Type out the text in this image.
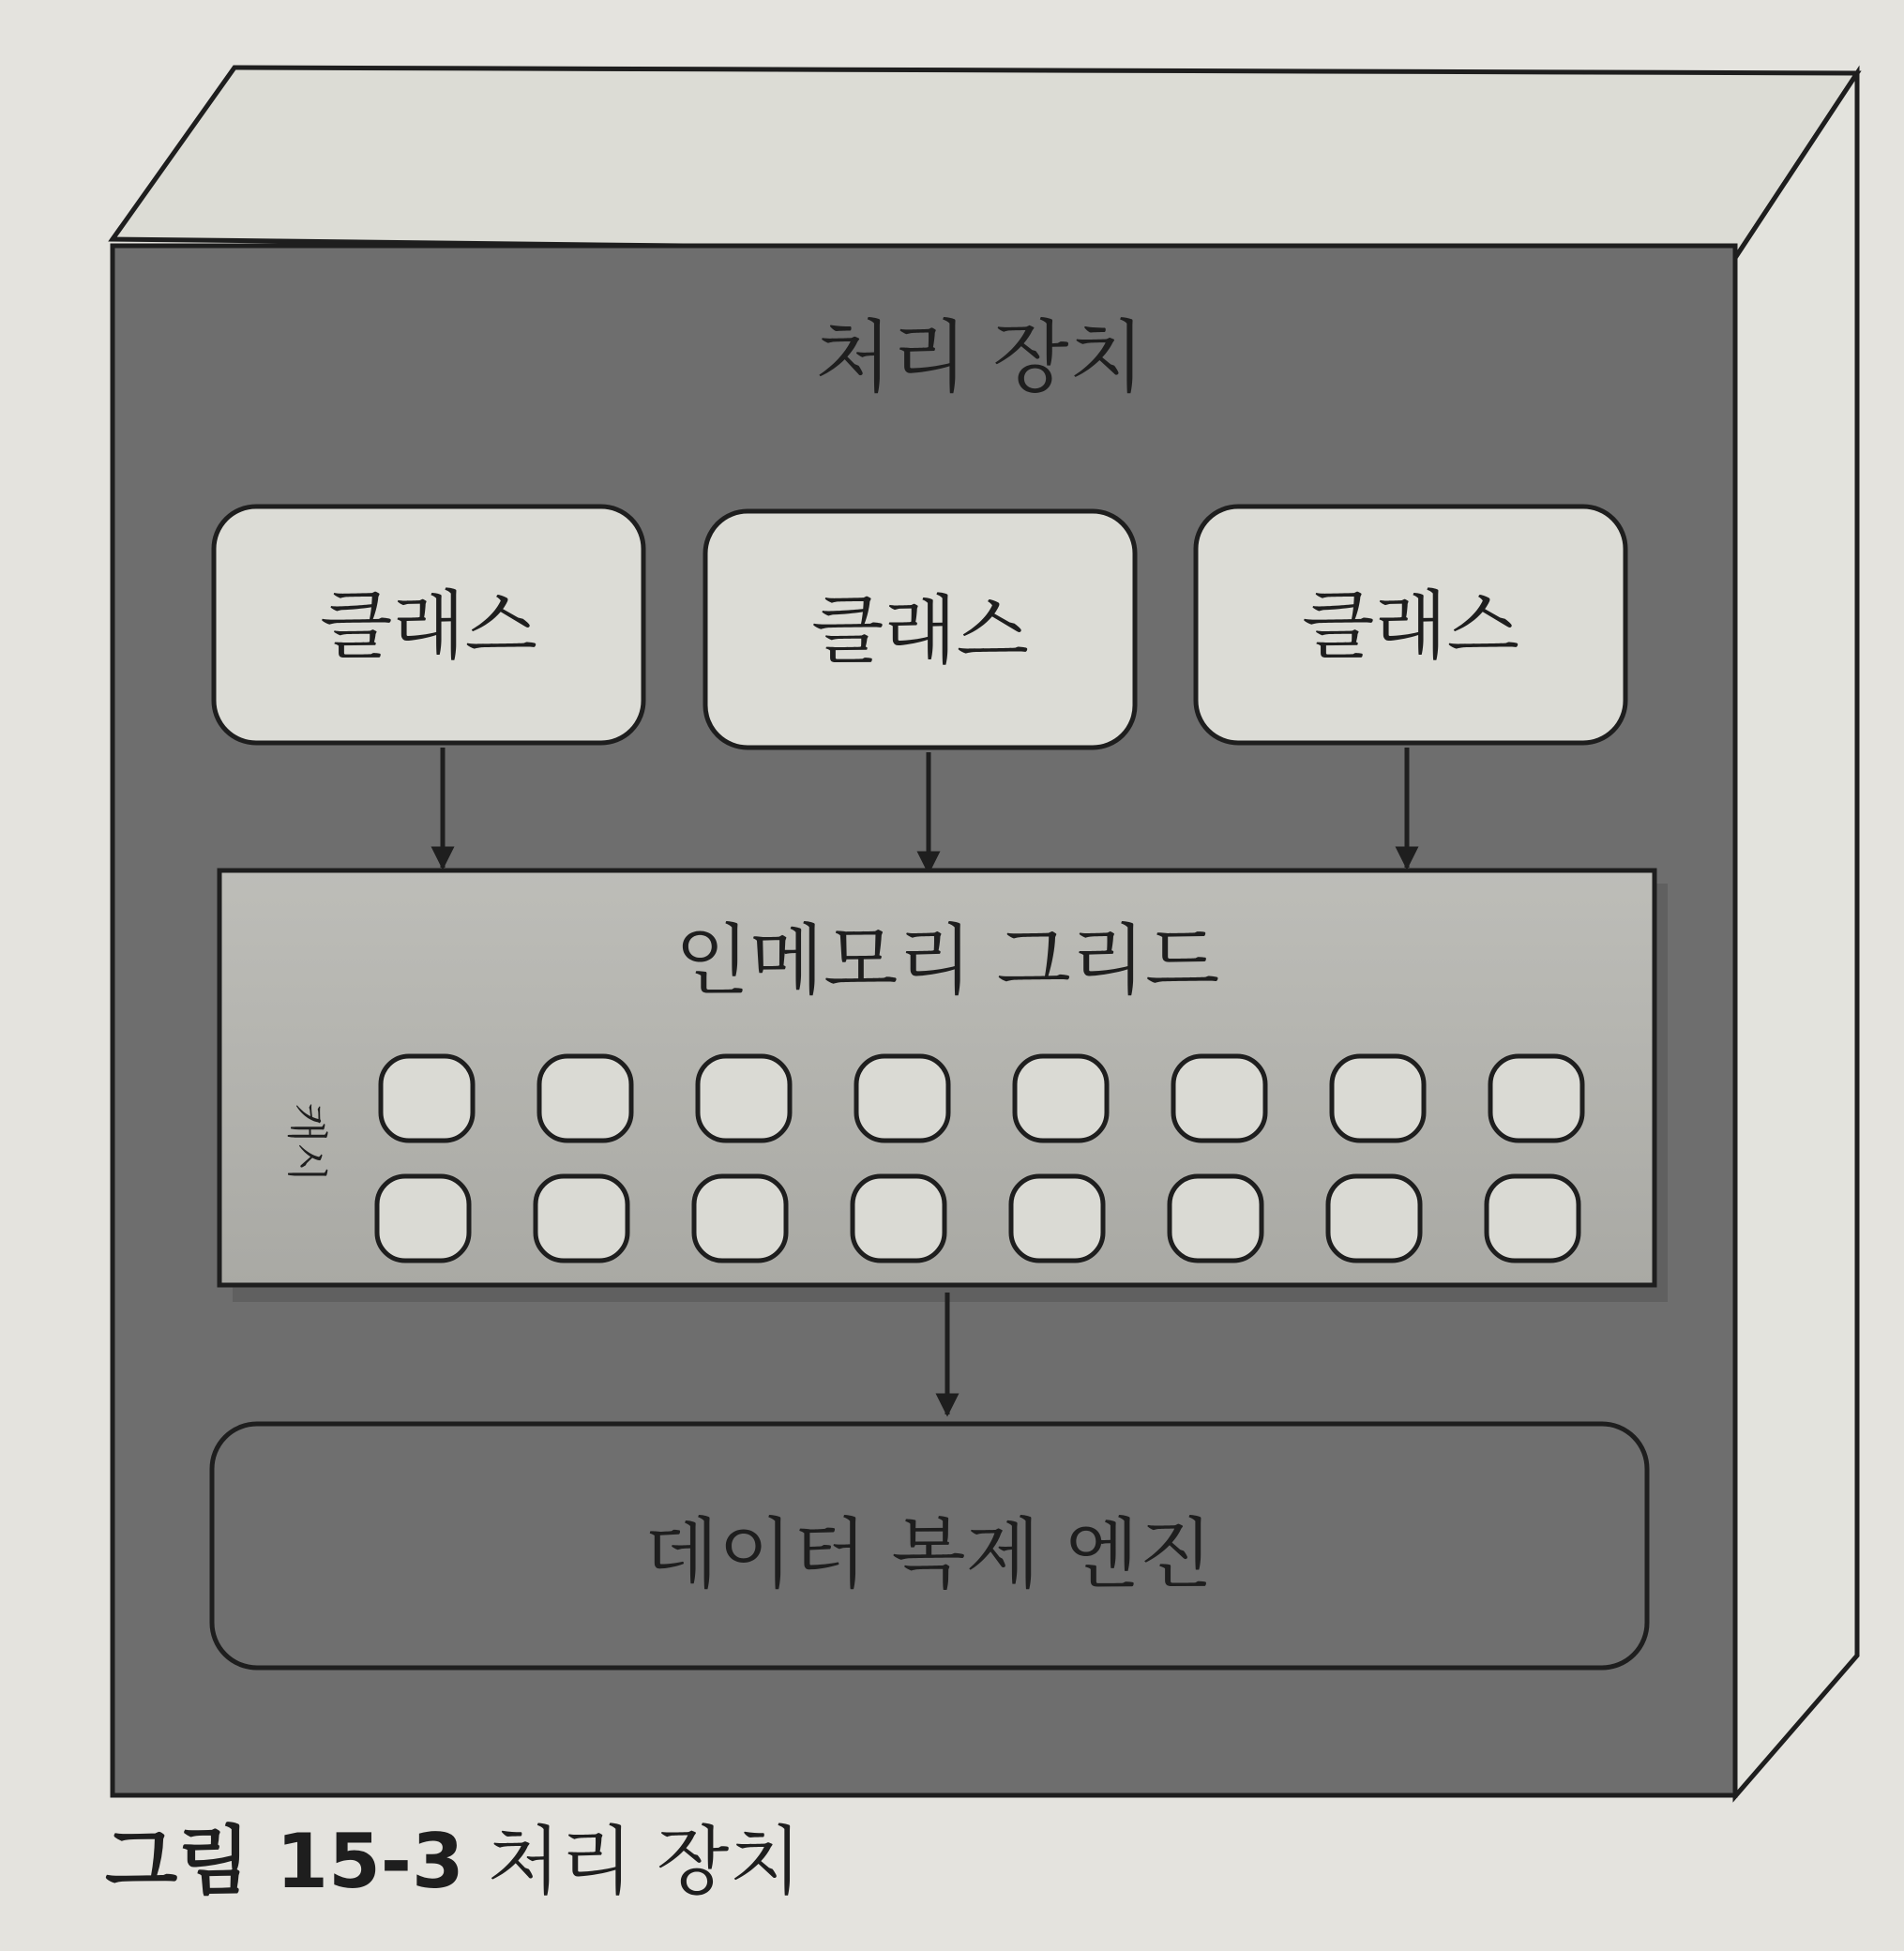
처리 장치
클래스	클래스	클래스
인메모리 그리드
캐시
데이터 복제 엔진
그림 15-3 처리 장치
